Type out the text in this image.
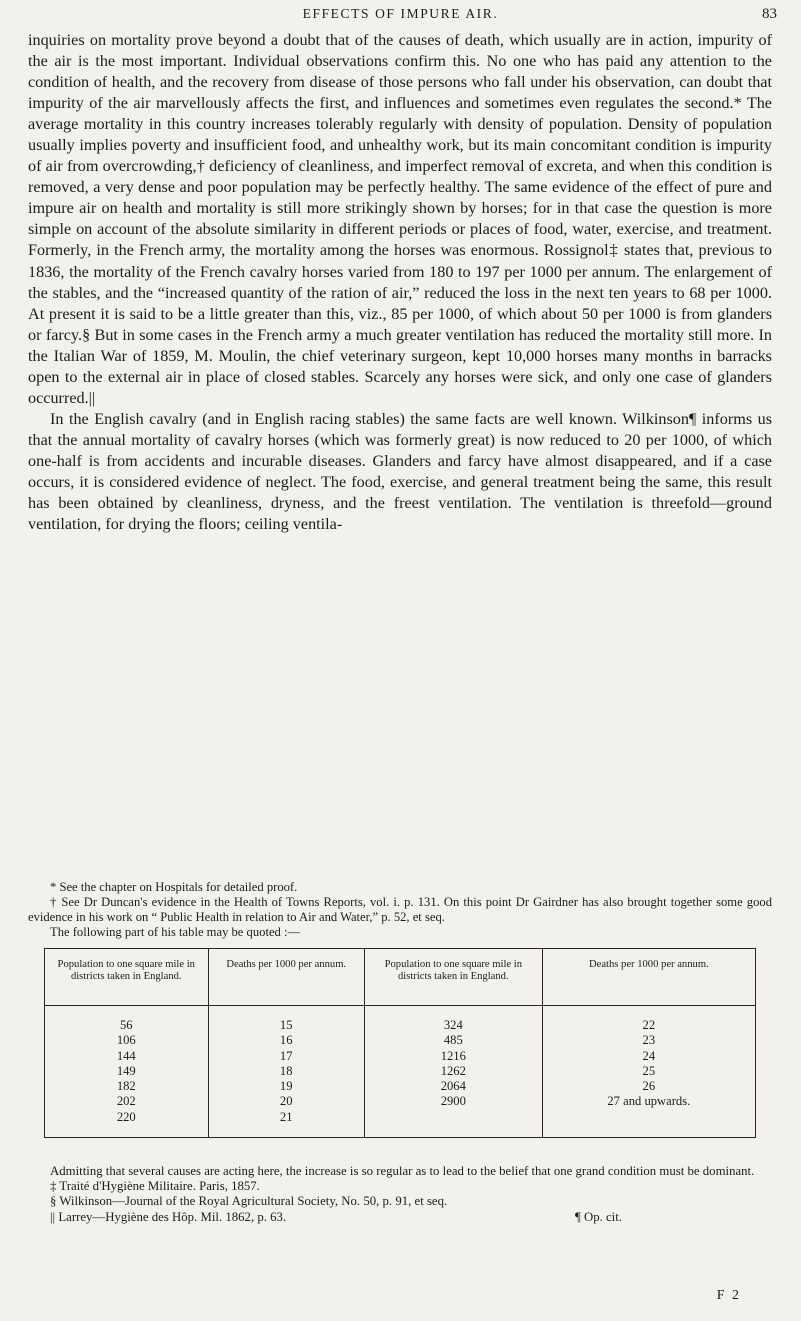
EFFECTS OF IMPURE AIR.	83

inquiries on mortality prove beyond a doubt that of the causes of death, which usually are in action, impurity of the air is the most important. Individual observations confirm this. No one who has paid any attention to the condition of health, and the recovery from disease of those persons who fall under his observation, can doubt that impurity of the air marvellously affects the first, and influences and sometimes even regulates the second.* The average mortality in this country increases tolerably regularly with density of population. Density of population usually implies poverty and insufficient food, and unhealthy work, but its main concomitant condition is impurity of air from overcrowding,† deficiency of cleanliness, and imperfect removal of excreta, and when this condition is removed, a very dense and poor population may be perfectly healthy. The same evidence of the effect of pure and impure air on health and mortality is still more strikingly shown by horses; for in that case the question is more simple on account of the absolute similarity in different periods or places of food, water, exercise, and treatment. Formerly, in the French army, the mortality among the horses was enormous. Rossignol‡ states that, previous to 1836, the mortality of the French cavalry horses varied from 180 to 197 per 1000 per annum. The enlargement of the stables, and the “increased quantity of the ration of air,” reduced the loss in the next ten years to 68 per 1000. At present it is said to be a little greater than this, viz., 85 per 1000, of which about 50 per 1000 is from glanders or farcy.§ But in some cases in the French army a much greater ventilation has reduced the mortality still more. In the Italian War of 1859, M. Moulin, the chief veterinary surgeon, kept 10,000 horses many months in barracks open to the external air in place of closed stables. Scarcely any horses were sick, and only one case of glanders occurred.||

In the English cavalry (and in English racing stables) the same facts are well known. Wilkinson¶ informs us that the annual mortality of cavalry horses (which was formerly great) is now reduced to 20 per 1000, of which one-half is from accidents and incurable diseases. Glanders and farcy have almost disappeared, and if a case occurs, it is considered evidence of neglect. The food, exercise, and general treatment being the same, this result has been obtained by cleanliness, dryness, and the freest ventilation. The ventilation is threefold—ground ventilation, for drying the floors; ceiling ventila-

* See the chapter on Hospitals for detailed proof.

† See Dr Duncan's evidence in the Health of Towns Reports, vol. i. p. 131. On this point Dr Gairdner has also brought together some good evidence in his work on “ Public Health in relation to Air and Water,” p. 52, et seq.

The following part of his table may be quoted :—

Population to one square mile in districts taken in England.	Deaths per 1000 per annum.	Population to one square mile in districts taken in England.	Deaths per 1000 per annum.

56	15	324	22
106	16	485	23
144	17	1216	24
149	18	1262	25
182	19	2064	26
202	20	2900	27 and upwards.
220	21		

Admitting that several causes are acting here, the increase is so regular as to lead to the belief that one grand condition must be dominant.

‡ Traité d'Hygiène Militaire. Paris, 1857.

§ Wilkinson—Journal of the Royal Agricultural Society, No. 50, p. 91, et seq.

|| Larrey—Hygiène des Hôp. Mil. 1862, p. 63.	¶ Op. cit.

F 2
